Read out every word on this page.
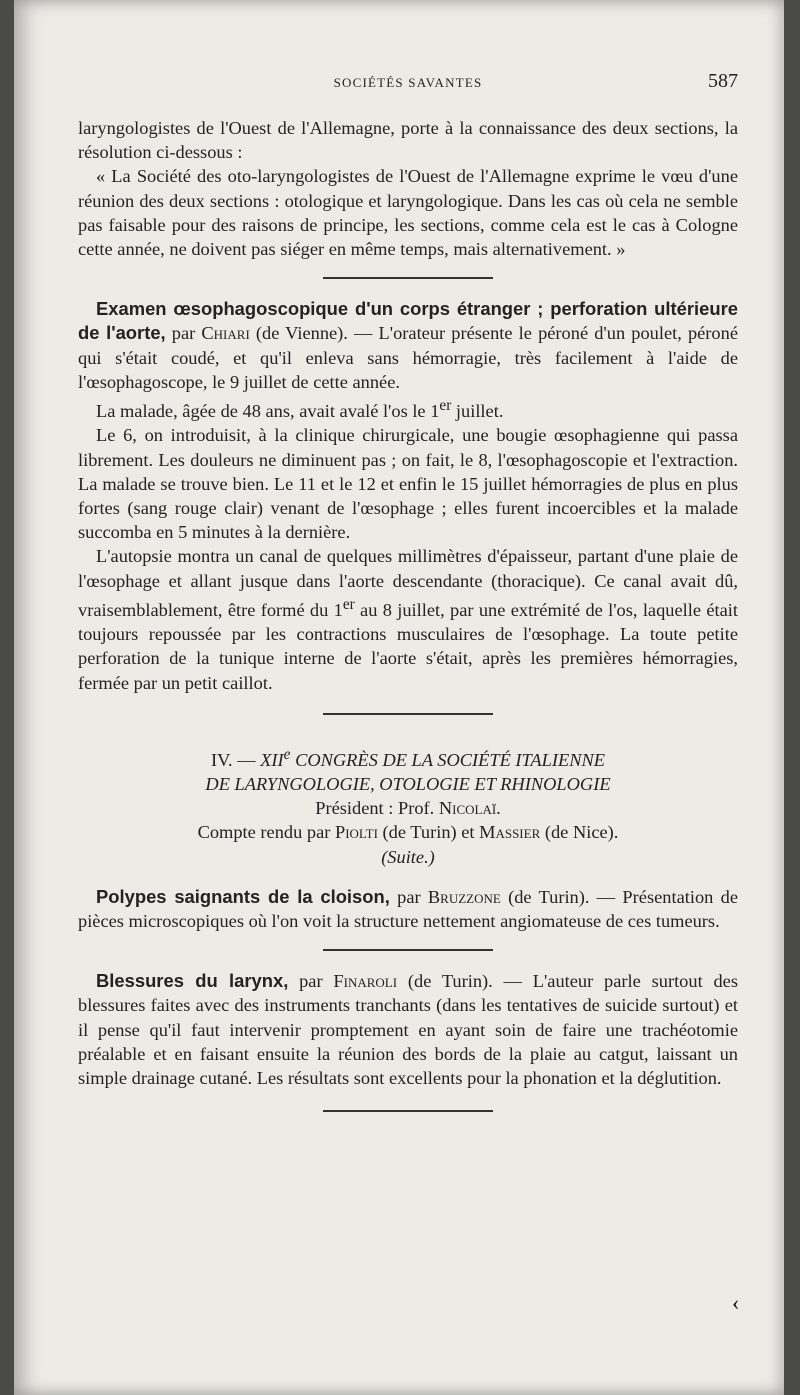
SOCIÉTÉS SAVANTES	587

laryngologistes de l'Ouest de l'Allemagne, porte à la connaissance des deux sections, la résolution ci-dessous :

« La Société des oto-laryngologistes de l'Ouest de l'Allemagne exprime le vœu d'une réunion des deux sections : otologique et laryngologique. Dans les cas où cela ne semble pas faisable pour des raisons de principe, les sections, comme cela est le cas à Cologne cette année, ne doivent pas siéger en même temps, mais alternativement. »

Examen œsophagoscopique d'un corps étranger ; perforation ultérieure de l'aorte, par Chiari (de Vienne). — L'orateur présente le péroné d'un poulet, péroné qui s'était coudé, et qu'il enleva sans hémorragie, très facilement à l'aide de l'œsophagoscope, le 9 juillet de cette année.

La malade, âgée de 48 ans, avait avalé l'os le 1er juillet.

Le 6, on introduisit, à la clinique chirurgicale, une bougie œsophagienne qui passa librement. Les douleurs ne diminuent pas ; on fait, le 8, l'œsophagoscopie et l'extraction. La malade se trouve bien. Le 11 et le 12 et enfin le 15 juillet hémorragies de plus en plus fortes (sang rouge clair) venant de l'œsophage ; elles furent incoercibles et la malade succomba en 5 minutes à la dernière.

L'autopsie montra un canal de quelques millimètres d'épaisseur, partant d'une plaie de l'œsophage et allant jusque dans l'aorte descendante (thoracique). Ce canal avait dû, vraisemblablement, être formé du 1er au 8 juillet, par une extrémité de l'os, laquelle était toujours repoussée par les contractions musculaires de l'œsophage. La toute petite perforation de la tunique interne de l'aorte s'était, après les premières hémorragies, fermée par un petit caillot.

IV. — XIIe CONGRÈS DE LA SOCIÉTÉ ITALIENNE
DE LARYNGOLOGIE, OTOLOGIE ET RHINOLOGIE
Président : Prof. Nicolaï.
Compte rendu par Piolti (de Turin) et Massier (de Nice).
(Suite.)

Polypes saignants de la cloison, par Bruzzone (de Turin). — Présentation de pièces microscopiques où l'on voit la structure nettement angiomateuse de ces tumeurs.

Blessures du larynx, par Finaroli (de Turin). — L'auteur parle surtout des blessures faites avec des instruments tranchants (dans les tentatives de suicide surtout) et il pense qu'il faut intervenir promptement en ayant soin de faire une trachéotomie préalable et en faisant ensuite la réunion des bords de la plaie au catgut, laissant un simple drainage cutané. Les résultats sont excellents pour la phonation et la déglutition.

‹
